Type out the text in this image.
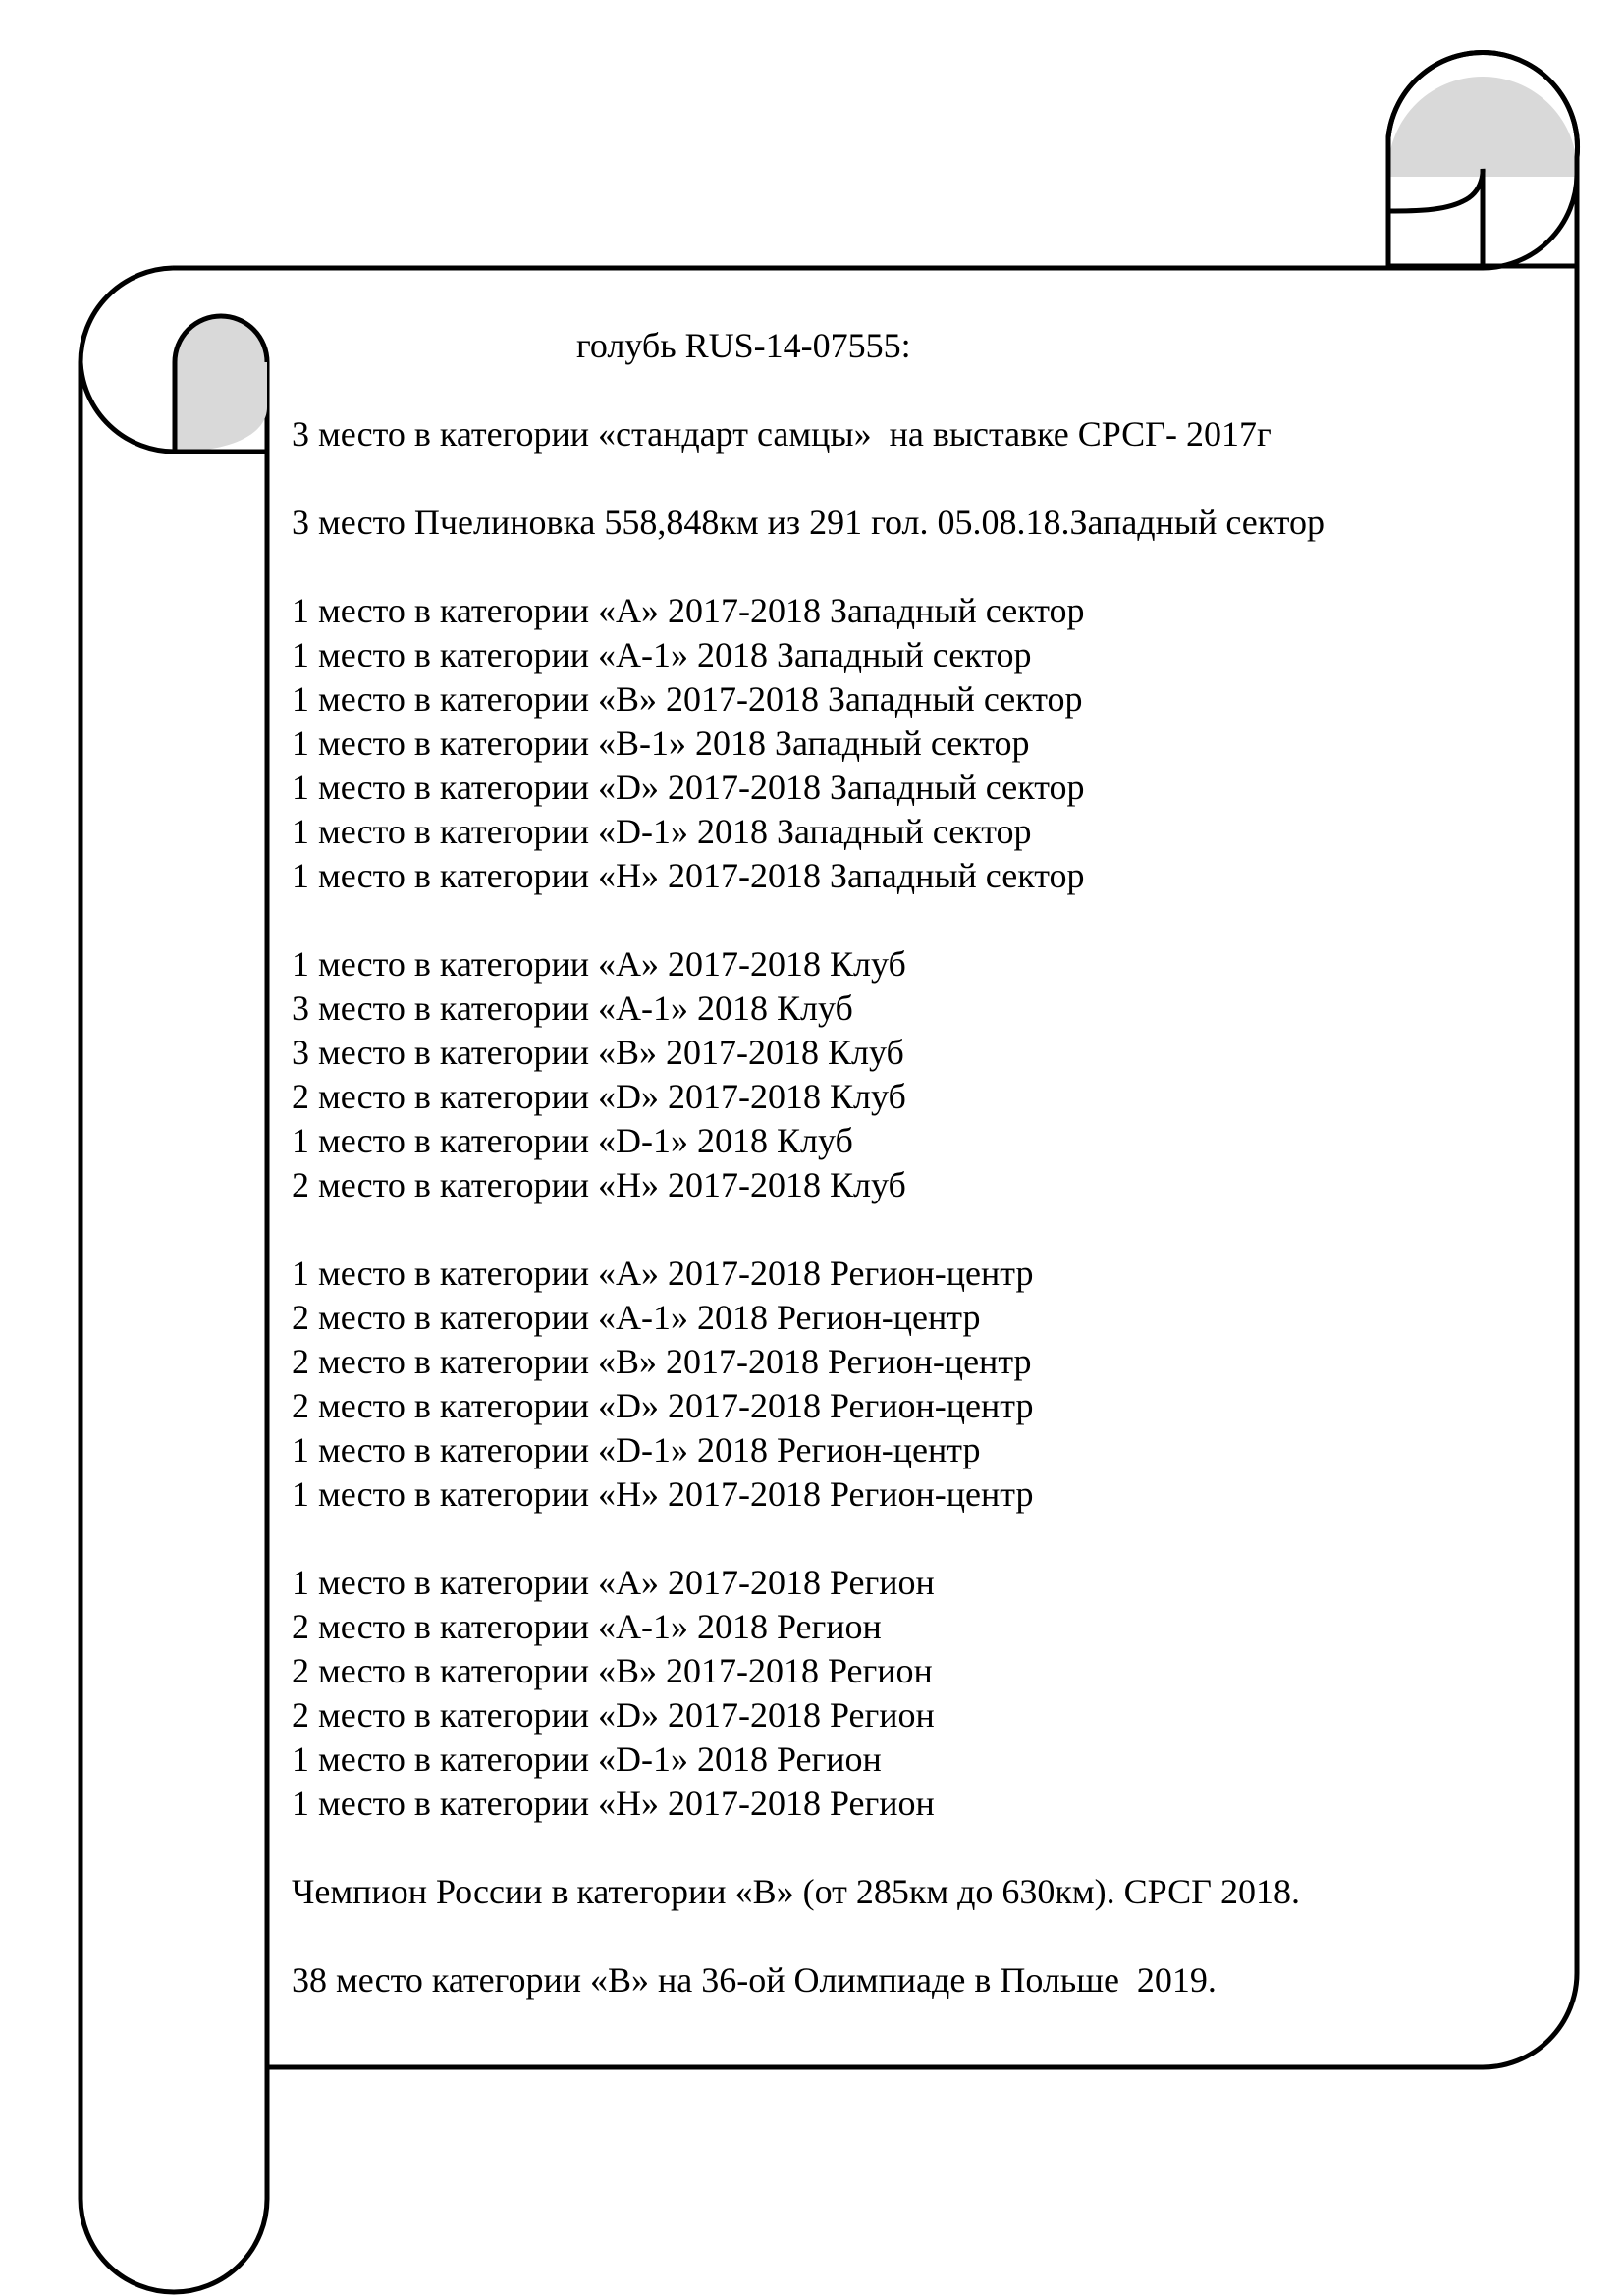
голубь RUS-14-07555:
3 место в категории «стандарт самцы»  на выставке СРСГ- 2017г
3 место Пчелиновка 558,848км из 291 гол. 05.08.18.Западный сектор
1 место в категории «А» 2017-2018 Западный сектор
1 место в категории «А-1» 2018 Западный сектор
1 место в категории «В» 2017-2018 Западный сектор
1 место в категории «В-1» 2018 Западный сектор
1 место в категории «D» 2017-2018 Западный сектор
1 место в категории «D-1» 2018 Западный сектор
1 место в категории «Н» 2017-2018 Западный сектор
1 место в категории «А» 2017-2018 Клуб
3 место в категории «А-1» 2018 Клуб
3 место в категории «В» 2017-2018 Клуб
2 место в категории «D» 2017-2018 Клуб
1 место в категории «D-1» 2018 Клуб
2 место в категории «Н» 2017-2018 Клуб
1 место в категории «А» 2017-2018 Регион-центр
2 место в категории «А-1» 2018 Регион-центр
2 место в категории «В» 2017-2018 Регион-центр
2 место в категории «D» 2017-2018 Регион-центр
1 место в категории «D-1» 2018 Регион-центр
1 место в категории «Н» 2017-2018 Регион-центр
1 место в категории «А» 2017-2018 Регион
2 место в категории «А-1» 2018 Регион
2 место в категории «В» 2017-2018 Регион
2 место в категории «D» 2017-2018 Регион
1 место в категории «D-1» 2018 Регион
1 место в категории «Н» 2017-2018 Регион
Чемпион России в категории «В» (от 285км до 630км). СРСГ 2018.
38 место категории «В» на 36-ой Олимпиаде в Польше  2019.
